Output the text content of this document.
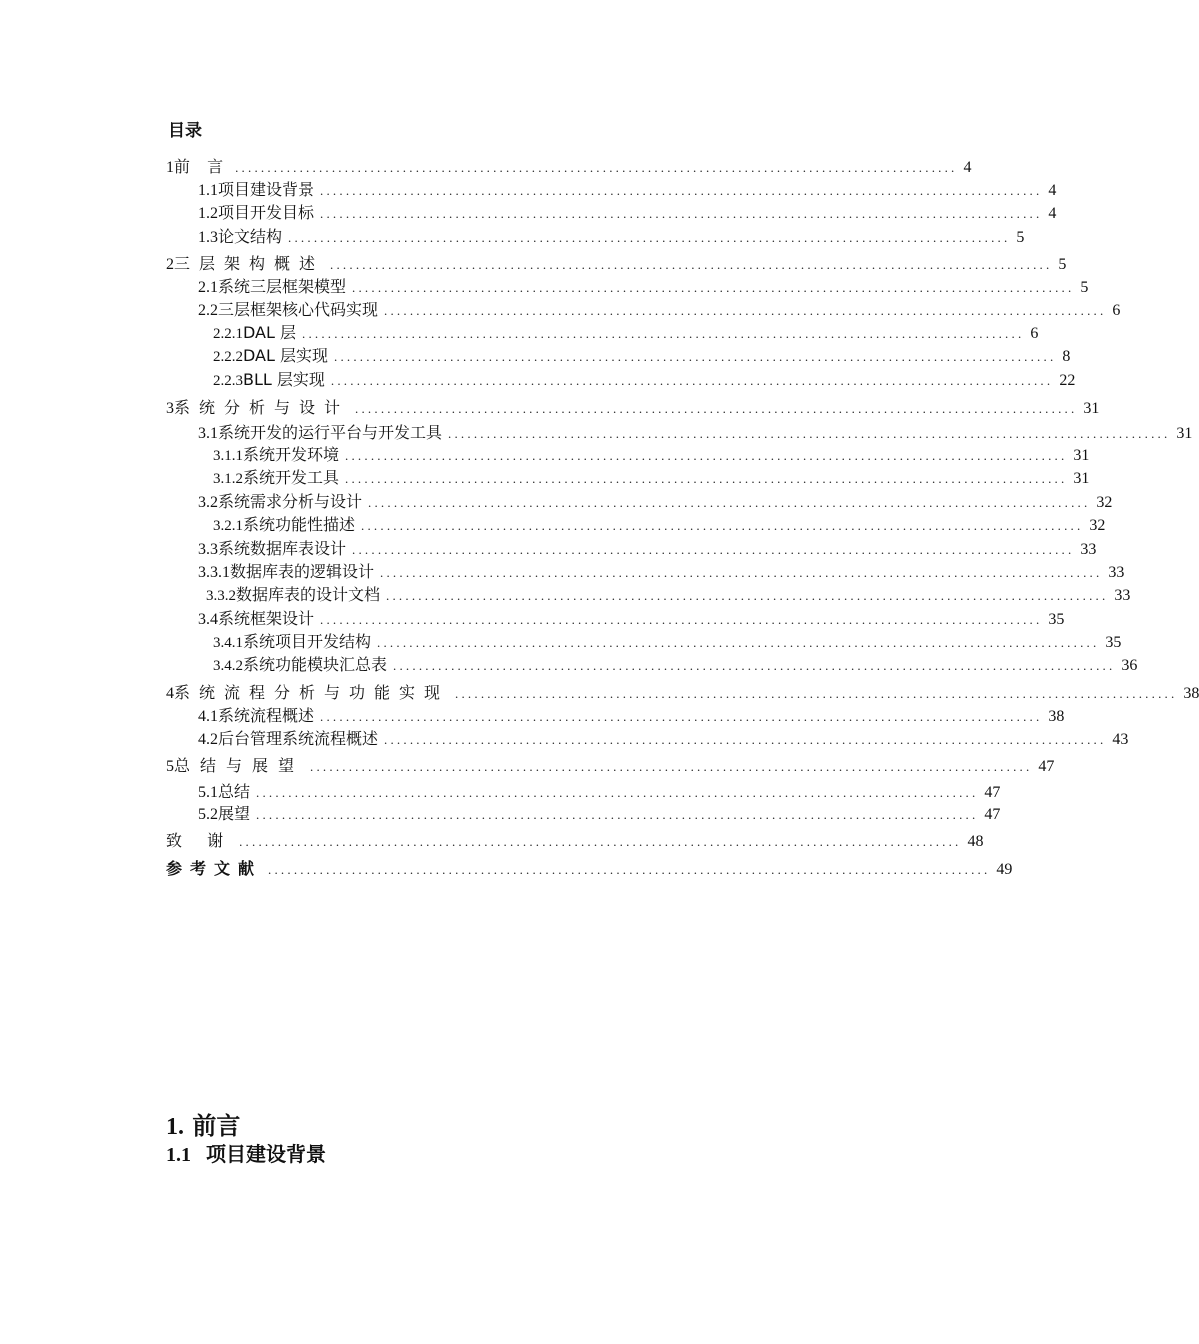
目录
1 前 言 ................................................................................................................ 4
1.1 项目建设背景 ................................................................................................................ 4
1.2 项目开发目标 ................................................................................................................ 4
1.3 论文结构 ................................................................................................................ 5
2 三层架构概述 ................................................................................................................ 5
2.1 系统三层框架模型 ................................................................................................................ 5
2.2 三层框架核心代码实现 ................................................................................................................ 6
2.2.1 DAL 层 ................................................................................................................ 6
2.2.2 DAL 层实现 ................................................................................................................ 8
2.2.3 BLL 层实现 ................................................................................................................ 22
3 系统分析与设计 ................................................................................................................ 31
3.1 系统开发的运行平台与开发工具 ................................................................................................................ 31
3.1.1 系统开发环境 ................................................................................................................ 31
3.1.2 系统开发工具 ................................................................................................................ 31
3.2 系统需求分析与设计 ................................................................................................................ 32
3.2.1 系统功能性描述 ................................................................................................................ 32
3.3 系统数据库表设计 ................................................................................................................ 33
3.3.1 数据库表的逻辑设计 ................................................................................................................ 33
3.3.2 数据库表的设计文档 ................................................................................................................ 33
3.4 系统框架设计 ................................................................................................................ 35
3.4.1 系统项目开发结构 ................................................................................................................ 35
3.4.2 系统功能模块汇总表 ................................................................................................................ 36
4 系统流程分析与功能实现 ................................................................................................................ 38
4.1 系统流程概述 ................................................................................................................ 38
4.2 后台管理系统流程概述 ................................................................................................................ 43
5 总结与展望 ................................................................................................................ 47
5.1 总结 ................................................................................................................ 47
5.2 展望 ................................................................................................................ 47
致 谢 ................................................................................................................ 48
参考文献 ................................................................................................................ 49
1. 前言
1.1 项目建设背景
